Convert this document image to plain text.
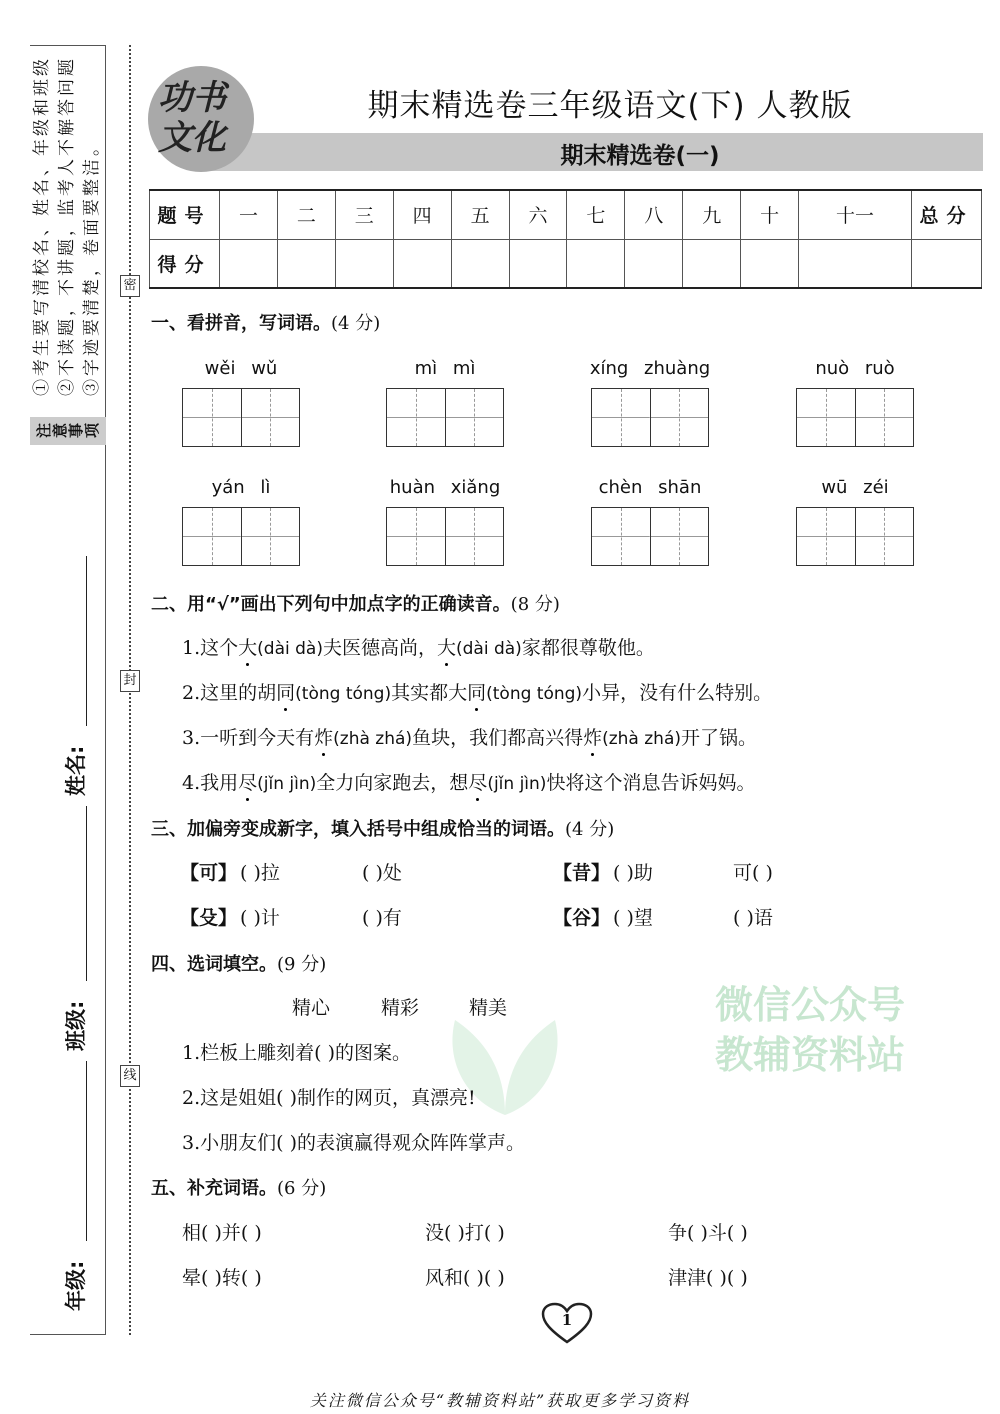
①考生要写清校名、姓名、年级和班级 ②不读题，不讲题，监考人不解答问题 ③字迹要清楚，卷面要整洁。
注意事项
年级:
班级:
姓名:
密
封
线
功书
文化
期末精选卷三年级语文(下) 人教版
期末精选卷(一)
题号	一	二	三	四	五	六	七	八	九	十	十一	总分
得分												
微信公众号
教辅资料站
一、看拼音，写词语。(4 分)
wěi wǔ	mì mì	xíng zhuàng	nuò ruò
yán lì	huàn xiǎng	chèn shān	wū zéi
二、用“√”画出下列句中加点字的正确读音。(8 分)
1.这个大(dài dà)夫医德高尚，大(dài dà)家都很尊敬他。
2.这里的胡同(tòng tóng)其实都大同(tòng tóng)小异，没有什么特别。
3.一听到今天有炸(zhà zhá)鱼块，我们都高兴得炸(zhà zhá)开了锅。
4.我用尽(jǐn jìn)全力向家跑去，想尽(jǐn jìn)快将这个消息告诉妈妈。
三、加偏旁变成新字，填入括号中组成恰当的词语。(4 分)
【可】 ( )拉	( )处	【昔】 ( )助	可( )
【殳】 ( )计	( )有	【谷】 ( )望	( )语
四、选词填空。(9 分)
精心	精彩	精美
1.栏板上雕刻着( )的图案。
2.这是姐姐( )制作的网页，真漂亮!
3.小朋友们( )的表演赢得观众阵阵掌声。
五、补充词语。(6 分)
相( )并( )	没( )打( )	争( )斗( )
晕( )转( )	风和( )( )	津津( )( )
1
关注微信公众号“教辅资料站”获取更多学习资料
